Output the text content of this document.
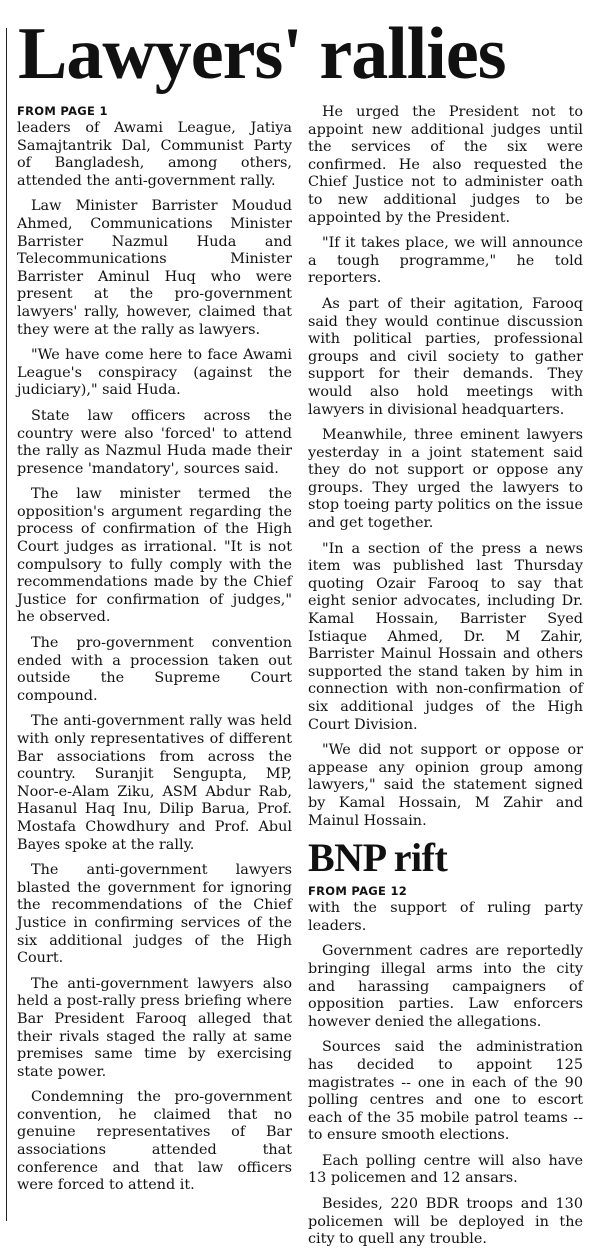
Lawyers' rallies
FROM PAGE 1

leaders of Awami League, Jatiya Samajtantrik Dal, Communist Party of Bangladesh, among others, attended the anti-government rally.

Law Minister Barrister Moudud Ahmed, Communications Minister Barrister Nazmul Huda and Telecommunications Minister Barrister Aminul Huq who were present at the pro-government lawyers' rally, however, claimed that they were at the rally as lawyers.

"We have come here to face Awami League's conspiracy (against the judiciary)," said Huda.

State law officers across the country were also 'forced' to attend the rally as Nazmul Huda made their presence 'mandatory', sources said.

The law minister termed the opposition's argument regarding the process of confirmation of the High Court judges as irrational. "It is not compulsory to fully comply with the recommendations made by the Chief Justice for confirmation of judges," he observed.

The pro-government convention ended with a procession taken out outside the Supreme Court compound.

The anti-government rally was held with only representatives of different Bar associations from across the country. Suranjit Sengupta, MP, Noor-e-Alam Ziku, ASM Abdur Rab, Hasanul Haq Inu, Dilip Barua, Prof. Mostafa Chowdhury and Prof. Abul Bayes spoke at the rally.

The anti-government lawyers blasted the government for ignoring the recommendations of the Chief Justice in confirming services of the six additional judges of the High Court.

The anti-government lawyers also held a post-rally press briefing where Bar President Farooq alleged that their rivals staged the rally at same premises same time by exercising state power.

Condemning the pro-government convention, he claimed that no genuine representatives of Bar associations attended that conference and that law officers were forced to attend it.

He urged the President not to appoint new additional judges until the services of the six were confirmed. He also requested the Chief Justice not to administer oath to new additional judges to be appointed by the President.

"If it takes place, we will announce a tough programme," he told reporters.

As part of their agitation, Farooq said they would continue discussion with political parties, professional groups and civil society to gather support for their demands. They would also hold meetings with lawyers in divisional headquarters.

Meanwhile, three eminent lawyers yesterday in a joint statement said they do not support or oppose any groups. They urged the lawyers to stop toeing party politics on the issue and get together.

"In a section of the press a news item was published last Thursday quoting Ozair Farooq to say that eight senior advocates, including Dr. Kamal Hossain, Barrister Syed Istiaque Ahmed, Dr. M Zahir, Barrister Mainul Hossain and others supported the stand taken by him in connection with non-confirmation of six additional judges of the High Court Division.

"We did not support or oppose or appease any opinion group among lawyers," said the statement signed by Kamal Hossain, M Zahir and Mainul Hossain.

BNP rift
FROM PAGE 12

with the support of ruling party leaders.

Government cadres are reportedly bringing illegal arms into the city and harassing campaigners of opposition parties. Law enforcers however denied the allegations.

Sources said the administration has decided to appoint 125 magistrates -- one in each of the 90 polling centres and one to escort each of the 35 mobile patrol teams -- to ensure smooth elections.

Each polling centre will also have 13 policemen and 12 ansars.

Besides, 220 BDR troops and 130 policemen will be deployed in the city to quell any trouble.
